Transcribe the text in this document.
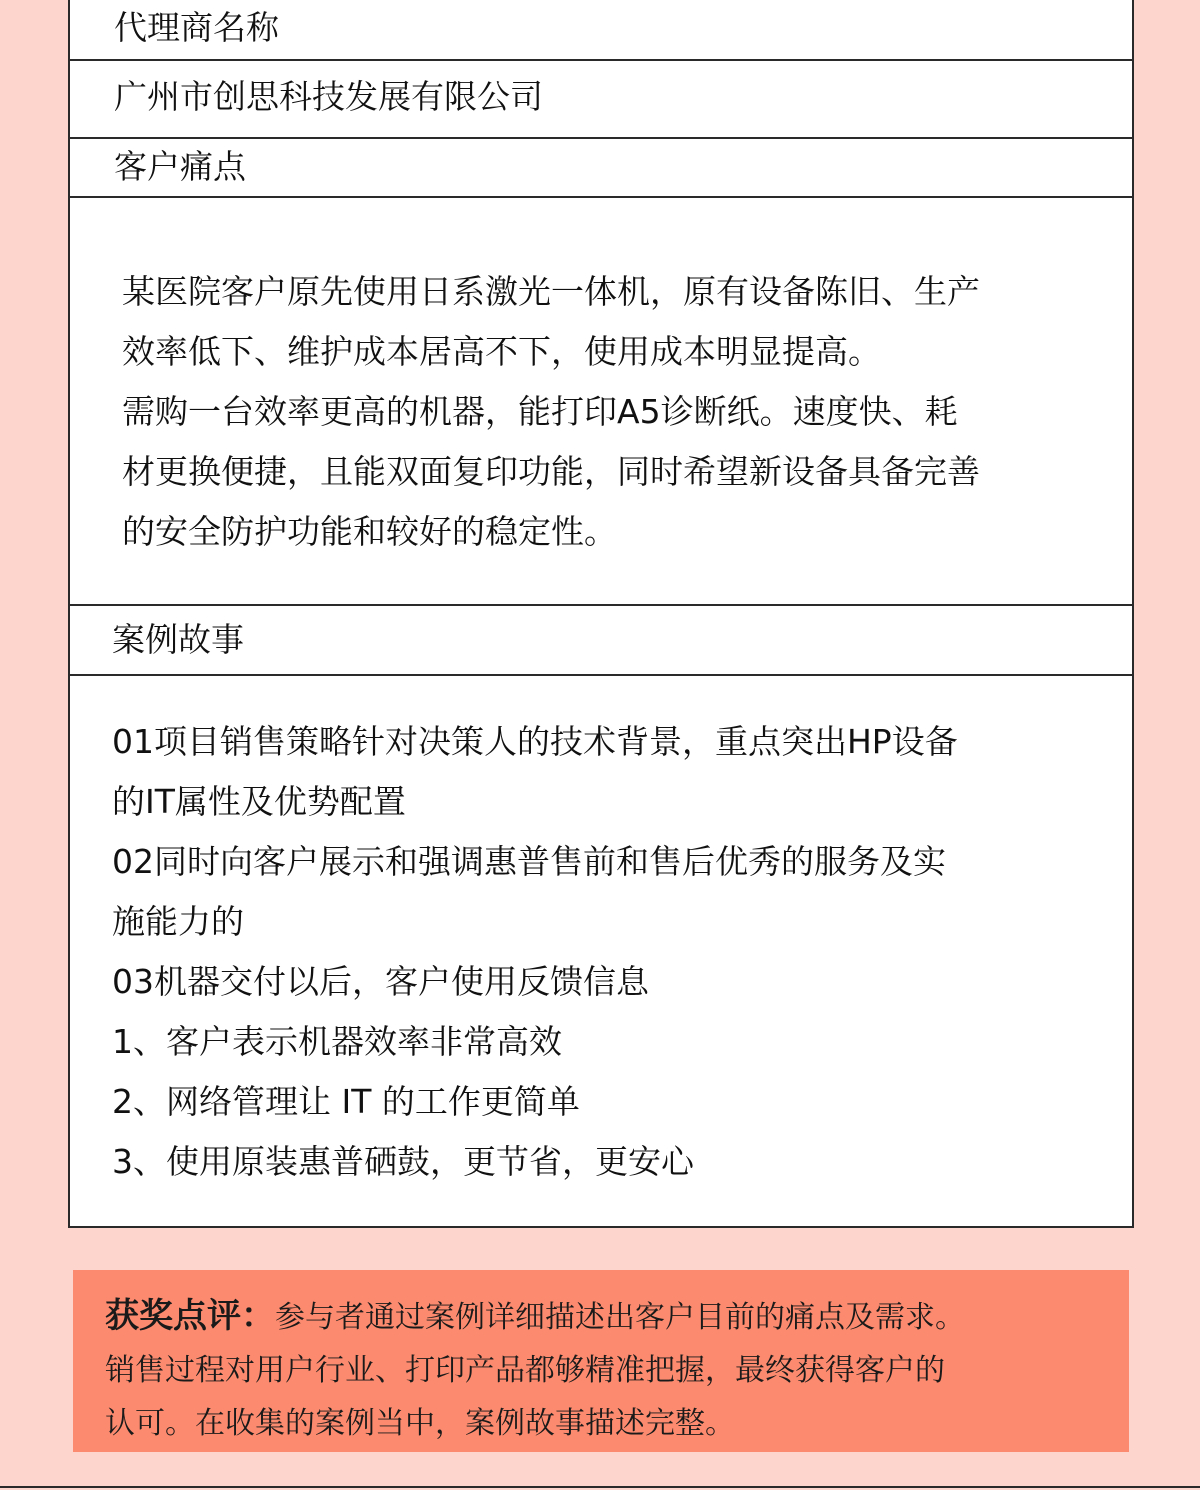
代理商名称
广州市创思科技发展有限公司
客户痛点

某医院客户原先使用日系激光一体机，原有设备陈旧、生产

效率低下、维护成本居高不下，使用成本明显提高。

需购一台效率更高的机器，能打印A5诊断纸。速度快、耗

材更换便捷，且能双面复印功能，同时希望新设备具备完善

的安全防护功能和较好的稳定性。

案例故事

01项目销售策略针对决策人的技术背景，重点突出HP设备

的IT属性及优势配置

02同时向客户展示和强调惠普售前和售后优秀的服务及实

施能力的

03机器交付以后，客户使用反馈信息

1、客户表示机器效率非常高效

2、网络管理让 IT 的工作更简单

3、使用原装惠普硒鼓，更节省，更安心

获奖点评：参与者通过案例详细描述出客户目前的痛点及需求。

销售过程对用户行业、打印产品都够精准把握，最终获得客户的

认可。在收集的案例当中，案例故事描述完整。
